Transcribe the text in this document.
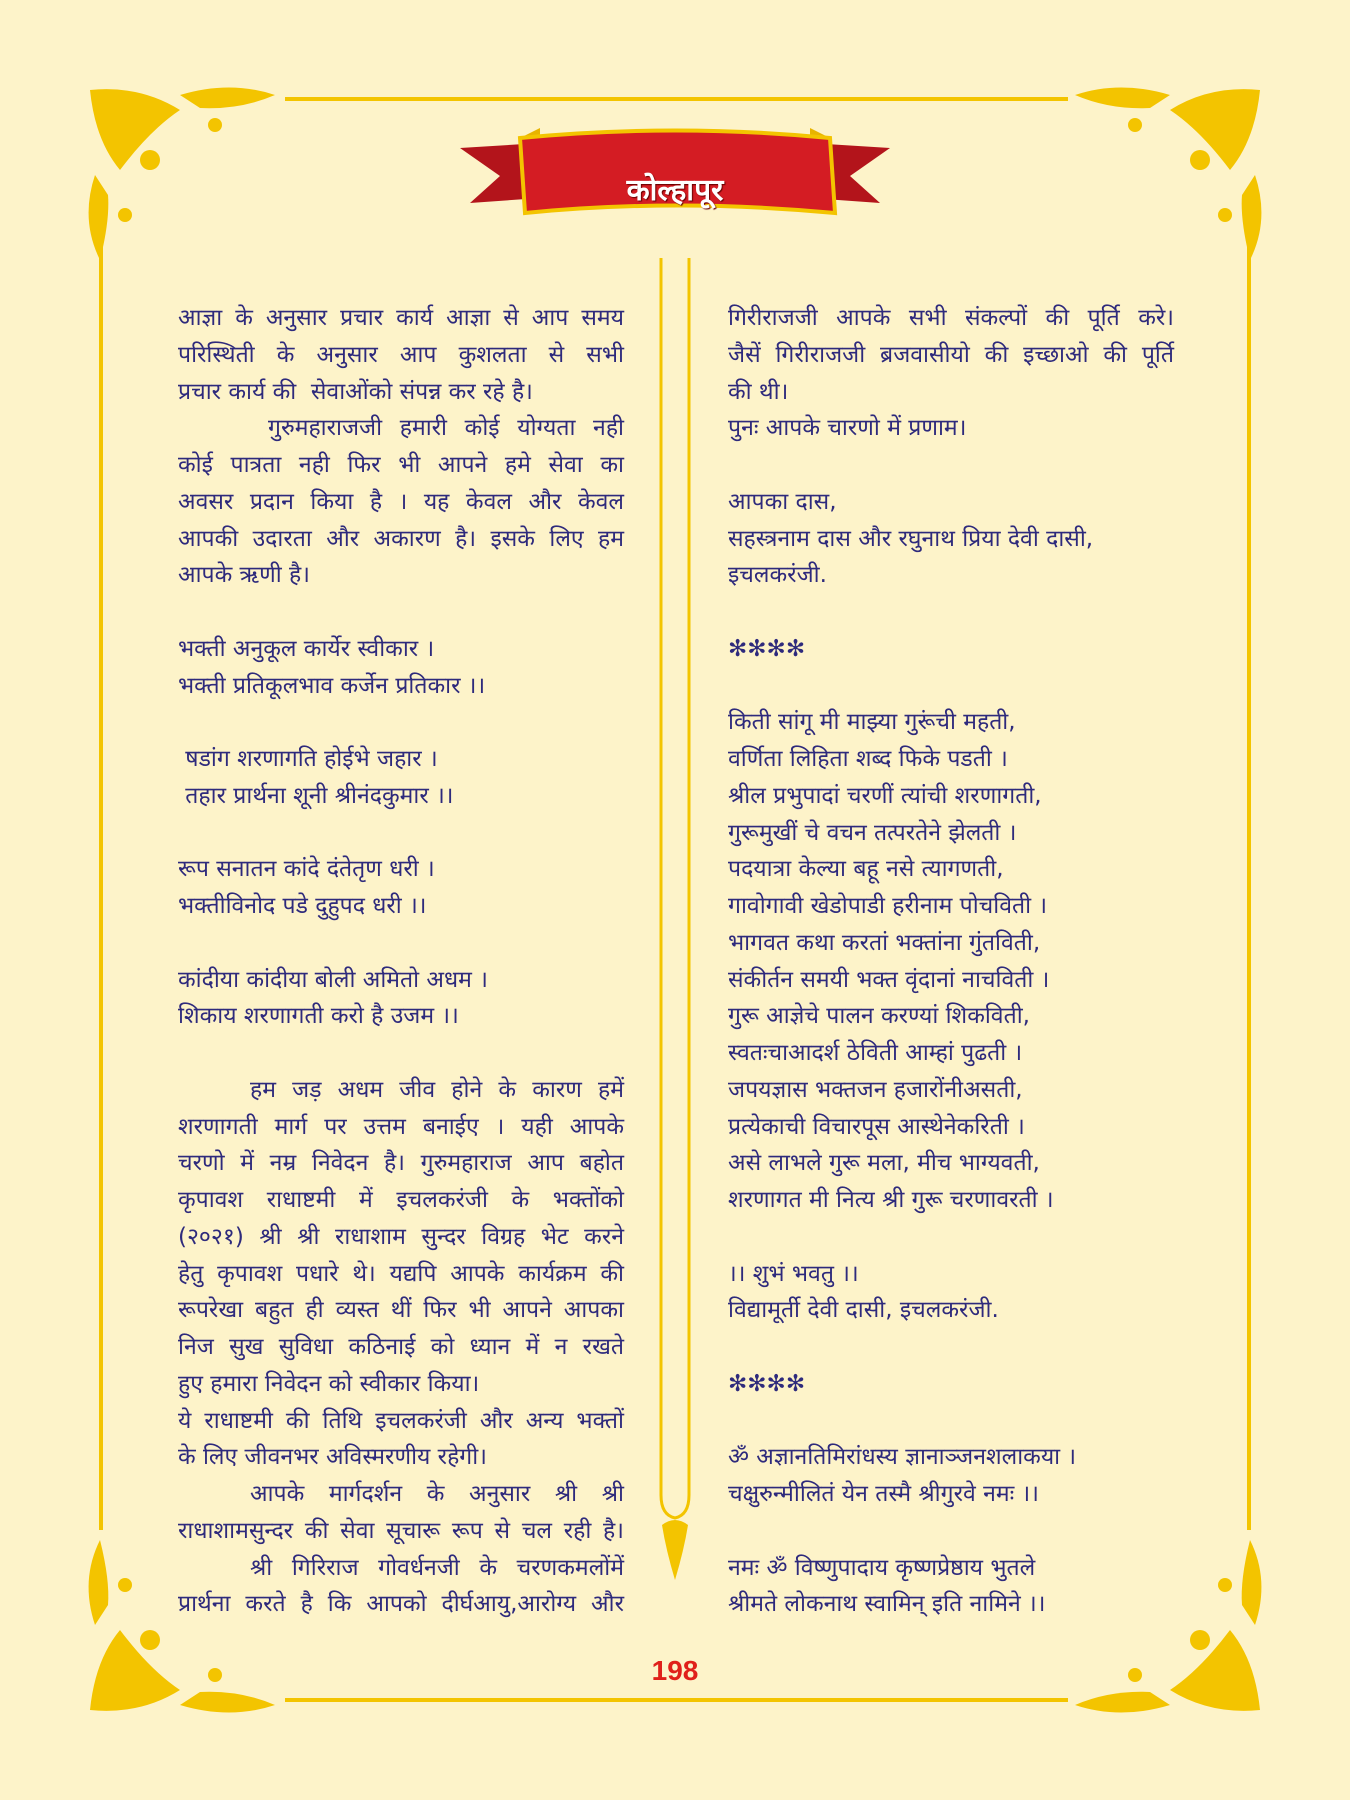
कोल्हापूर
आज्ञा के अनुसार प्रचार कार्य आज्ञा से आप समय
परिस्थिती के अनुसार आप कुशलता से सभी
प्रचार कार्य की  सेवाओंको संपन्न कर रहे है।
गुरुमहाराजजी हमारी कोई योग्यता नही
कोई पात्रता नही फिर भी आपने हमे सेवा का
अवसर प्रदान किया है । यह केवल और केवल
आपकी उदारता और अकारण है। इसके लिए हम
आपके ऋणी है।
भक्ती अनुकूल कार्येर स्वीकार ।
भक्ती प्रतिकूलभाव कर्जेन प्रतिकार ।।
षडांग शरणागति होईभे जहार ।
तहार प्रार्थना शूनी श्रीनंदकुमार ।।
रूप सनातन कांदे दंतेतृण धरी ।
भक्तीविनोद पडे दुहुपद धरी ।।
कांदीया कांदीया बोली अमितो अधम ।
शिकाय शरणागती करो है उजम ।।
हम जड़ अधम जीव होने के कारण हमें
शरणागती मार्ग पर उत्तम बनाईए । यही आपके
चरणो में नम्र निवेदन है। गुरुमहाराज आप बहोत
कृपावश राधाष्टमी में इचलकरंजी के भक्तोंको
(२०२१) श्री श्री राधाशाम सुन्दर विग्रह भेट करने
हेतु कृपावश पधारे थे। यद्यपि आपके कार्यक्रम की
रूपरेखा बहुत ही व्यस्त थीं फिर भी आपने आपका
निज सुख सुविधा कठिनाई को ध्यान में न रखते
हुए हमारा निवेदन को स्वीकार किया।
ये राधाष्टमी की तिथि इचलकरंजी और अन्य भक्तों
के लिए जीवनभर अविस्मरणीय रहेगी।
आपके मार्गदर्शन के अनुसार श्री श्री
राधाशामसुन्दर की सेवा सूचारू रूप से चल रही है।
श्री गिरिराज गोवर्धनजी के चरणकमलोंमें
प्रार्थना करते है कि आपको दीर्घआयु,आरोग्य और
गिरीराजजी आपके सभी संकल्पों की पूर्ति करे।
जैसें गिरीराजजी ब्रजवासीयो की इच्छाओ की पूर्ति
की थी।
पुनः आपके चारणो में प्रणाम।
आपका दास,
सहस्त्रनाम दास और रघुनाथ प्रिया देवी दासी,
इचलकरंजी.
✻✻✻✻
किती सांगू मी माझ्या गुरूंची महती,
वर्णिता लिहिता शब्द फिके पडती ।
श्रील प्रभुपादां चरणीं त्यांची शरणागती,
गुरूमुखीं चे वचन तत्परतेने झेलती ।
पदयात्रा केल्या बहू नसे त्यागणती,
गावोगावी खेडोपाडी हरीनाम पोचविती ।
भागवत कथा करतां भक्तांना गुंतविती,
संकीर्तन समयी भक्त वृंदानां नाचविती ।
गुरू आज्ञेचे पालन करण्यां शिकविती,
स्वतःचाआदर्श ठेविती आम्हां पुढती ।
जपयज्ञास भक्तजन हजारोंनीअसती,
प्रत्येकाची विचारपूस आस्थेनेकरिती ।
असे लाभले गुरू मला, मीच भाग्यवती,
शरणागत मी नित्य श्री गुरू चरणावरती ।
।। शुभं भवतु ।।
विद्यामूर्ती देवी दासी, इचलकरंजी.
✻✻✻✻
ॐ अज्ञानतिमिरांधस्य ज्ञानाञ्जनशलाकया ।
चक्षुरुन्मीलितं येन तस्मै श्रीगुरवे नमः ।।
नमः ॐ विष्णुपादाय कृष्णप्रेष्ठाय भुतले
श्रीमते लोकनाथ स्वामिन् इति नामिने ।।
198
